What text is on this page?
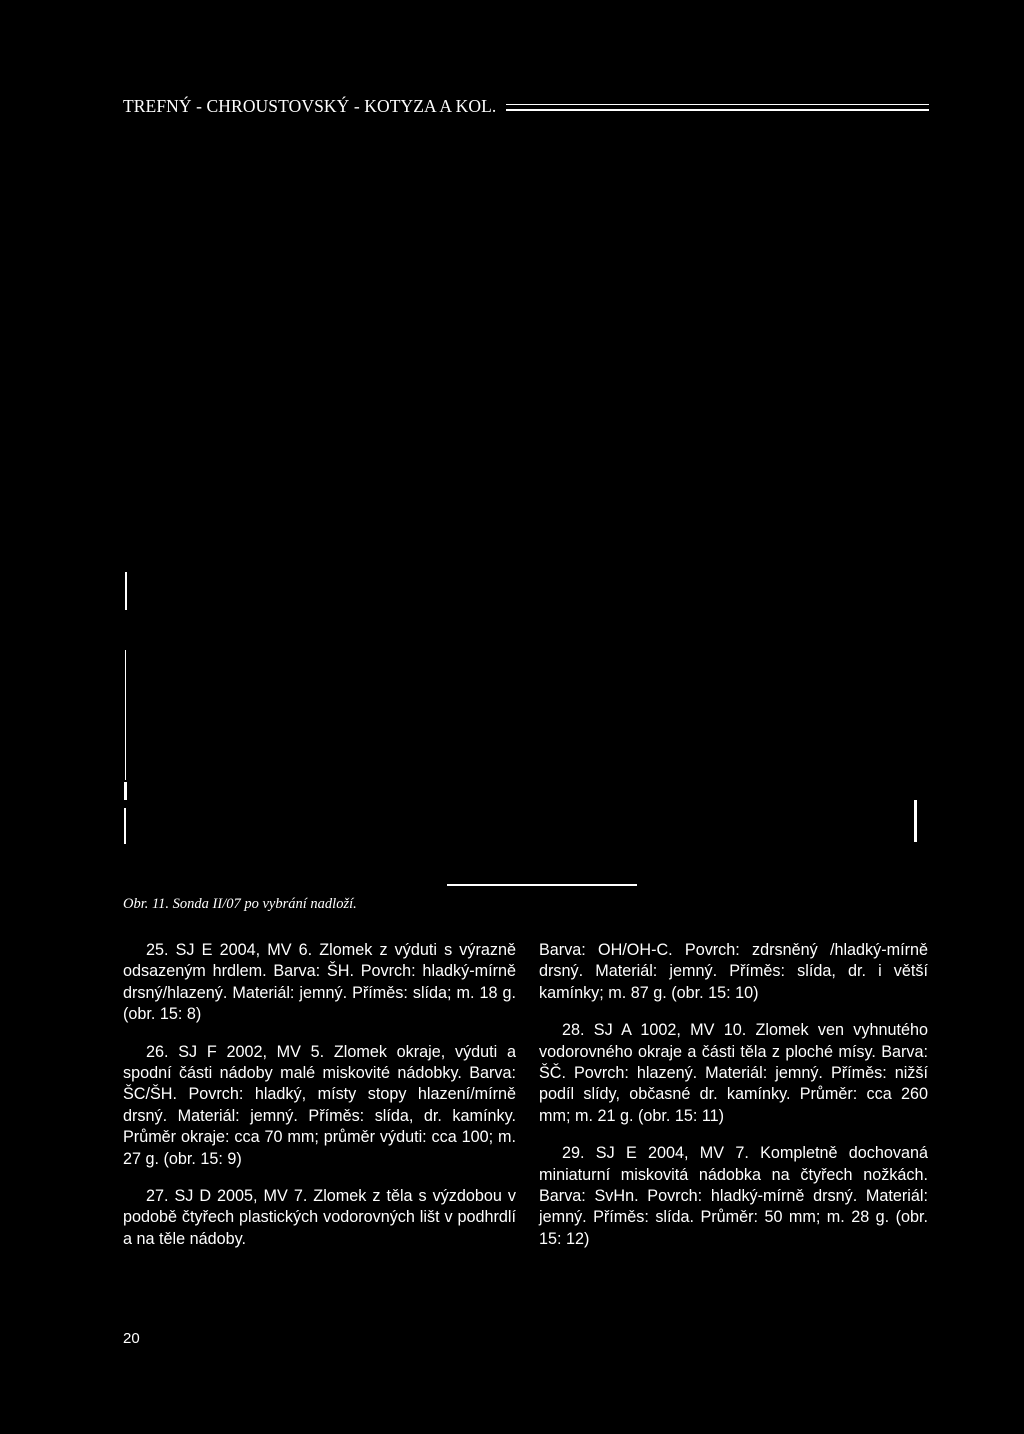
TREFNÝ - CHROUSTOVSKÝ - KOTYZA A KOL.
Obr. 11. Sonda II/07 po vybrání nadloží.

25. SJ E 2004, MV 6. Zlomek z výduti s výrazně odsazeným hrdlem. Barva: ŠH. Povrch: hladký-mírně drsný/hlazený. Materiál: jemný. Příměs: slída; m. 18 g. (obr. 15: 8)

26. SJ F 2002, MV 5. Zlomek okraje, výduti a spodní části nádoby malé miskovité nádobky. Barva: ŠC/ŠH. Povrch: hladký, místy stopy hlazení/mírně drsný. Materiál: jemný. Příměs: slída, dr. kamínky. Průměr okraje: cca 70 mm; průměr výduti: cca 100; m. 27 g. (obr. 15: 9)

27. SJ D 2005, MV 7. Zlomek z těla s výzdobou v podobě čtyřech plastických vodorovných lišt v podhrdlí a na těle nádoby.

Barva: OH/OH-C. Povrch: zdrsněný /hladký-mírně drsný. Materiál: jemný. Příměs: slída, dr. i větší kamínky; m. 87 g. (obr. 15: 10)

28. SJ A 1002, MV 10. Zlomek ven vyhnutého vodorovného okraje a části těla z ploché mísy. Barva: ŠČ. Povrch: hlazený. Materiál: jemný. Příměs: nižší podíl slídy, občasné dr. kamínky. Průměr: cca 260 mm; m. 21 g. (obr. 15: 11)

29. SJ E 2004, MV 7. Kompletně dochovaná miniaturní miskovitá nádobka na čtyřech nožkách. Barva: SvHn. Povrch: hladký-mírně drsný. Materiál: jemný. Příměs: slída. Průměr: 50 mm; m. 28 g. (obr. 15: 12)

20
